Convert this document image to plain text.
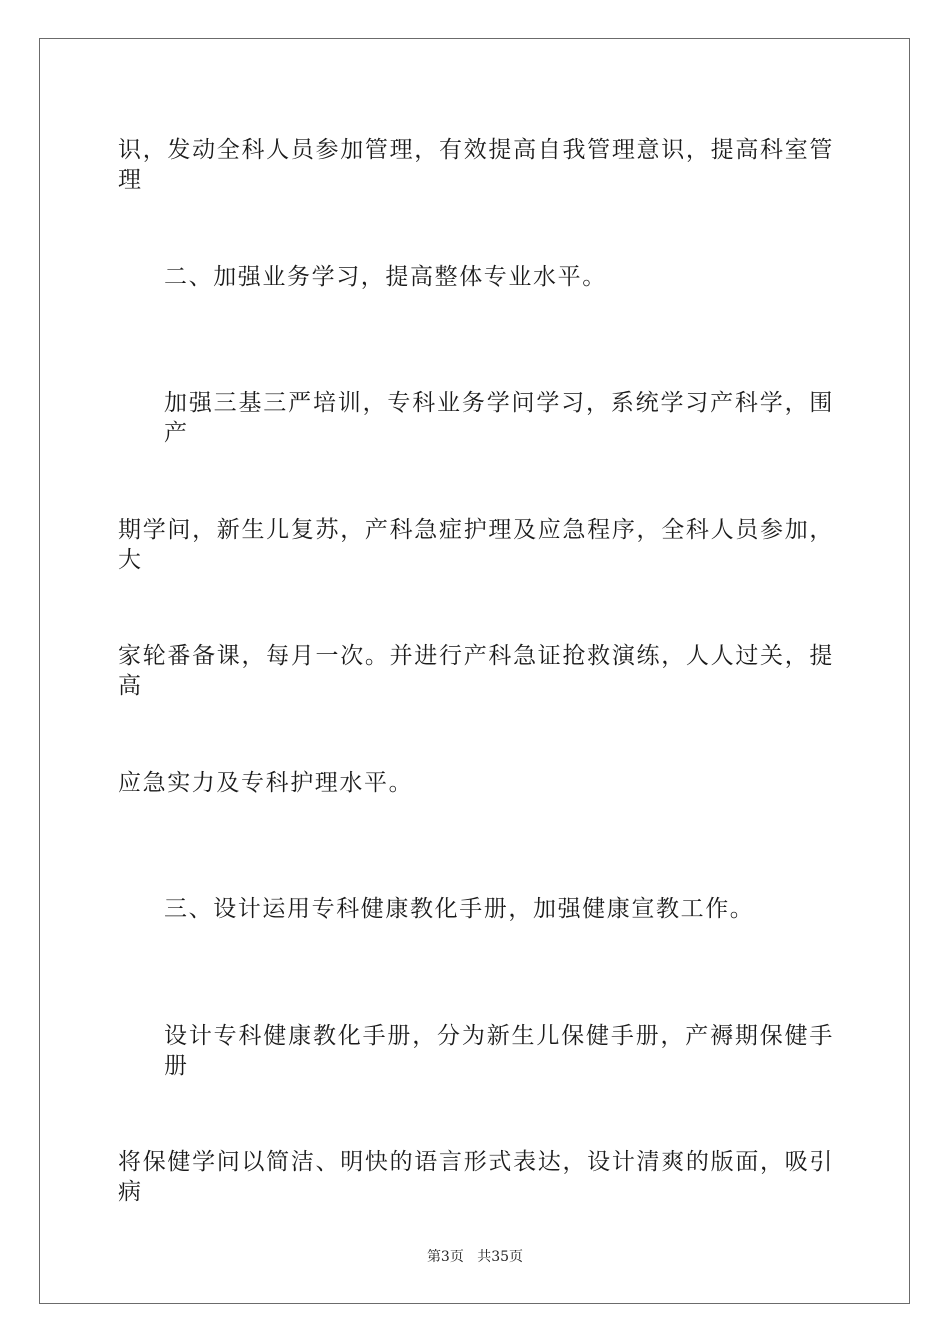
识，发动全科人员参加管理，有效提高自我管理意识，提高科室管理
二、加强业务学习，提高整体专业水平。
加强三基三严培训，专科业务学问学习，系统学习产科学，围产
期学问，新生儿复苏，产科急症护理及应急程序，全科人员参加，大
家轮番备课，每月一次。并进行产科急证抢救演练，人人过关，提高
应急实力及专科护理水平。
三、设计运用专科健康教化手册，加强健康宣教工作。
设计专科健康教化手册，分为新生儿保健手册，产褥期保健手册
将保健学问以简洁、明快的语言形式表达，设计清爽的版面，吸引病
第3页 共35页
